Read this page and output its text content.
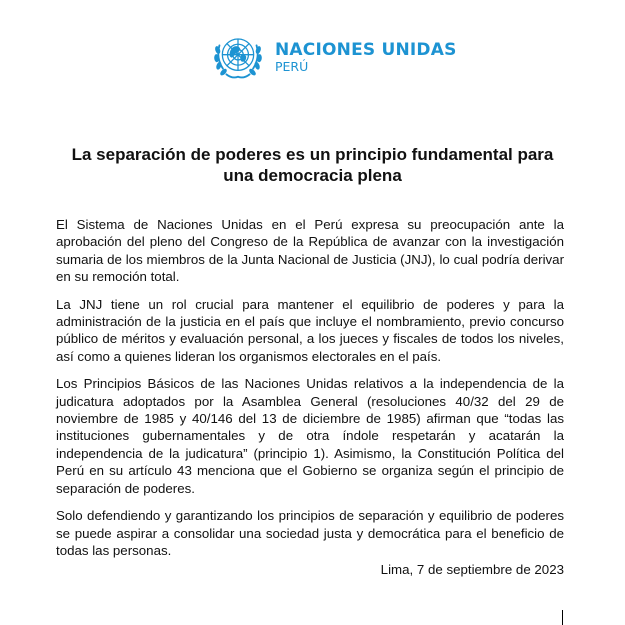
NACIONES UNIDAS
PERÚ
La separación de poderes es un principio fundamental para
una democracia plena

El Sistema de Naciones Unidas en el Perú expresa su preocupación ante la aprobación del pleno del Congreso de la República de avanzar con la investigación sumaria de los miembros de la Junta Nacional de Justicia (JNJ), lo cual podría derivar en su remoción total.

La JNJ tiene un rol crucial para mantener el equilibrio de poderes y para la administración de la justicia en el país que incluye el nombramiento, previo concurso público de méritos y evaluación personal, a los jueces y fiscales de todos los niveles, así como a quienes lideran los organismos electorales en el país.

Los Principios Básicos de las Naciones Unidas relativos a la independencia de la judicatura adoptados por la Asamblea General (resoluciones 40/32 del 29 de noviembre de 1985 y 40/146 del 13 de diciembre de 1985) afirman que “todas las instituciones gubernamentales y de otra índole respetarán y acatarán la independencia de la judicatura” (principio 1). Asimismo, la Constitución Política del Perú en su artículo 43 menciona que el Gobierno se organiza según el principio de separación de poderes.

Solo defendiendo y garantizando los principios de separación y equilibrio de poderes se puede aspirar a consolidar una sociedad justa y democrática para el beneficio de todas las personas.

Lima, 7 de septiembre de 2023
